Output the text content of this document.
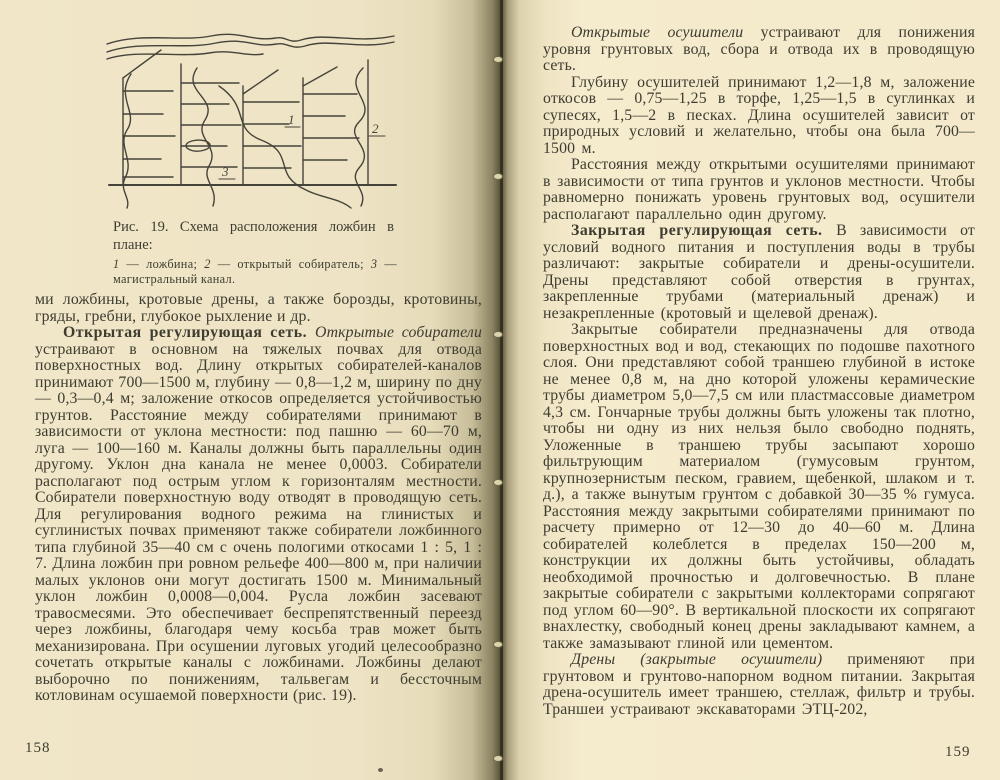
1
2
3
Рис. 19. Схема расположения ложбин в плане:
1 — ложбина; 2 — открытый собиратель; 3 — магистральный канал.

ми ложбины, кротовые дрены, а также борозды, кротовины, гряды, гребни, глубокое рыхление и др.

Открытая регулирующая сеть. Открытые собиратели устраивают в основном на тяжелых почвах для отвода поверхностных вод. Длину открытых собирателей-каналов принимают 700—1500 м, глубину — 0,8—1,2 м, ширину по дну — 0,3—0,4 м; заложение откосов определяется устойчивостью грунтов. Расстояние между собирателями принимают в зависимости от уклона местности: под пашню — 60—70 м, луга — 100—160 м. Каналы должны быть параллельны один другому. Уклон дна канала не менее 0,0003. Собиратели располагают под острым углом к горизонталям местности. Собиратели поверхностную воду отводят в проводящую сеть. Для регулирования водного режима на глинистых и суглинистых почвах применяют также собиратели ложбинного типа глубиной 35—40 см с очень пологими откосами 1 : 5, 1 : 7. Длина ложбин при ровном рельефе 400—800 м, при наличии малых уклонов они могут достигать 1500 м. Минимальный уклон ложбин 0,0008—0,004. Русла ложбин засевают травосмесями. Это обеспечивает беспрепятственный переезд через ложбины, благодаря чему косьба трав может быть механизирована. При осушении луговых угодий целесообразно сочетать открытые каналы с ложбинами. Ложбины делают выборочно по понижениям, тальвегам и бессточным котловинам осушаемой поверхности (рис. 19).

Открытые осушители устраивают для понижения уровня грунтовых вод, сбора и отвода их в проводящую сеть.

Глубину осушителей принимают 1,2—1,8 м, заложение откосов — 0,75—1,25 в торфе, 1,25—1,5 в суглинках и супесях, 1,5—2 в песках. Длина осушителей зависит от природных условий и желательно, чтобы она была 700—1500 м.

Расстояния между открытыми осушителями принимают в зависимости от типа грунтов и уклонов местности. Чтобы равномерно понижать уровень грунтовых вод, осушители располагают параллельно один другому.

Закрытая регулирующая сеть. В зависимости от условий водного питания и поступления воды в трубы различают: закрытые собиратели и дрены-осушители. Дрены представляют собой отверстия в грунтах, закрепленные трубами (материальный дренаж) и незакрепленные (кротовый и щелевой дренаж).

Закрытые собиратели предназначены для отвода поверхностных вод и вод, стекающих по подошве пахотного слоя. Они представляют собой траншею глубиной в истоке не менее 0,8 м, на дно которой уложены керамические трубы диаметром 5,0—7,5 см или пластмассовые диаметром 4,3 см. Гончарные трубы должны быть уложены так плотно, чтобы ни одну из них нельзя было свободно поднять, Уложенные в траншею трубы засыпают хорошо фильтрующим материалом (гумусовым грунтом, крупнозернистым песком, гравием, щебенкой, шлаком и т. д.), а также вынутым грунтом с добавкой 30—35 % гумуса. Расстояния между закрытыми собирателями принимают по расчету примерно от 12—30 до 40—60 м. Длина собирателей колеблется в пределах 150—200 м, конструкции их должны быть устойчивы, обладать необходимой прочностью и долговечностью. В плане закрытые собиратели с закрытыми коллекторами сопрягают под углом 60—90°. В вертикальной плоскости их сопрягают внахлестку, свободный конец дрены закладывают камнем, а также замазывают глиной или цементом.

Дрены (закрытые осушители) применяют при грунтовом и грунтово-напорном водном питании. Закрытая дрена-осушитель имеет траншею, стеллаж, фильтр и трубы. Траншеи устраивают экскаваторами ЭТЦ-202,

158	159
